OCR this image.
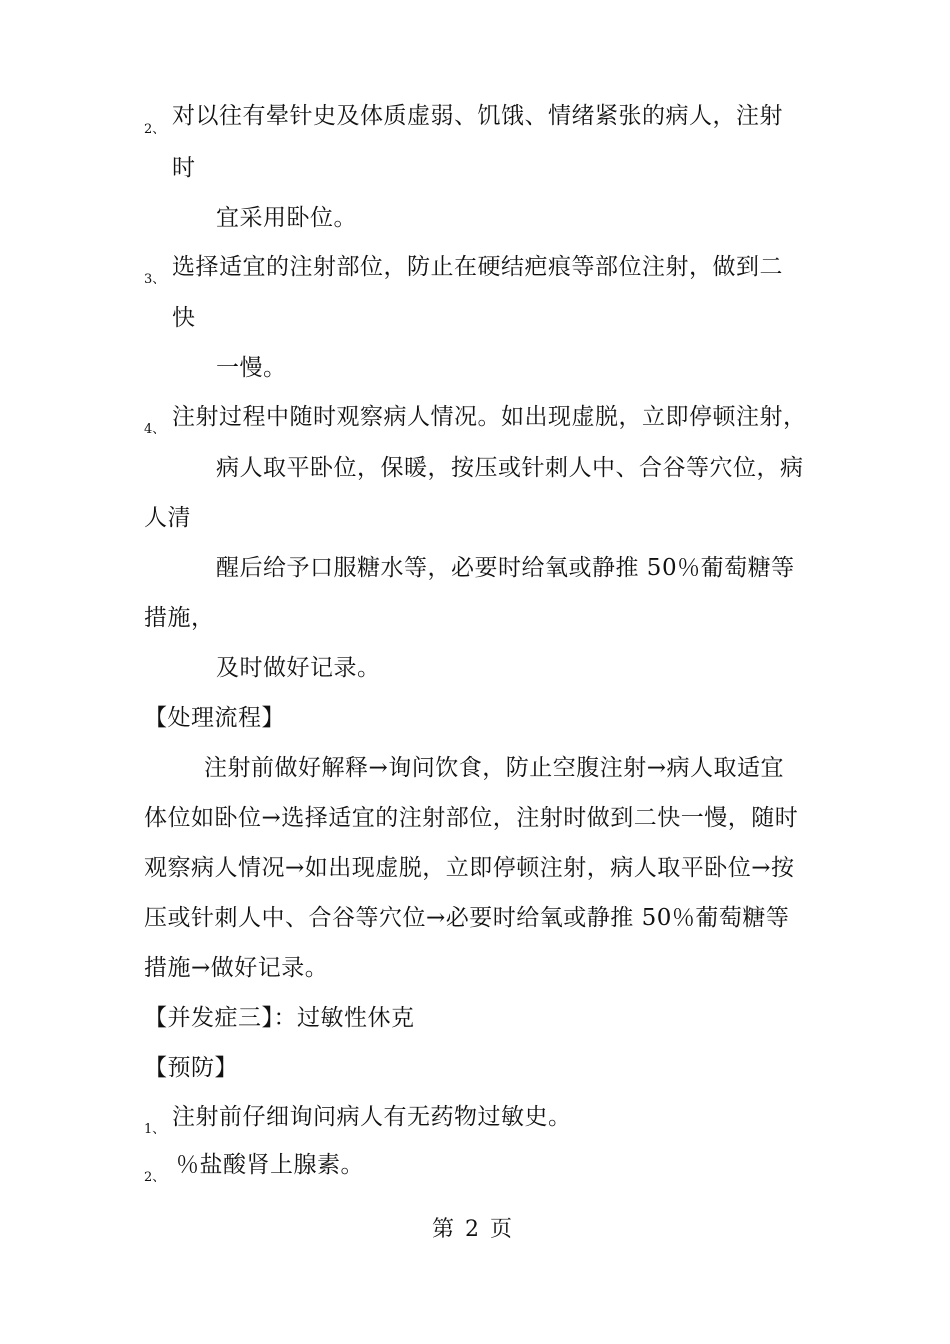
2、
对以往有晕针史及体质虚弱、饥饿、情绪紧张的病人，注射
时
宜采用卧位。
3、 选择适宜的注射部位，防止在硬结疤痕等部位注射，做到二
快
一慢。
4、 注射过程中随时观察病人情况。如出现虚脱，立即停顿注射，
病人取平卧位，保暖，按压或针刺人中、合谷等穴位，病
人清
醒后给予口服糖水等，必要时给氧或静推 50％葡萄糖等
措施，
及时做好记录。
【处理流程】
注射前做好解释→询问饮食，防止空腹注射→病人取适宜
体位如卧位→选择适宜的注射部位，注射时做到二快一慢，随时
观察病人情况→如出现虚脱，立即停顿注射，病人取平卧位→按
压或针刺人中、合谷等穴位→必要时给氧或静推 50％葡萄糖等
措施→做好记录。
【并发症三】：过敏性休克
【预防】
1、 注射前仔细询问病人有无药物过敏史。
2、 ％盐酸肾上腺素。
第 2 页
